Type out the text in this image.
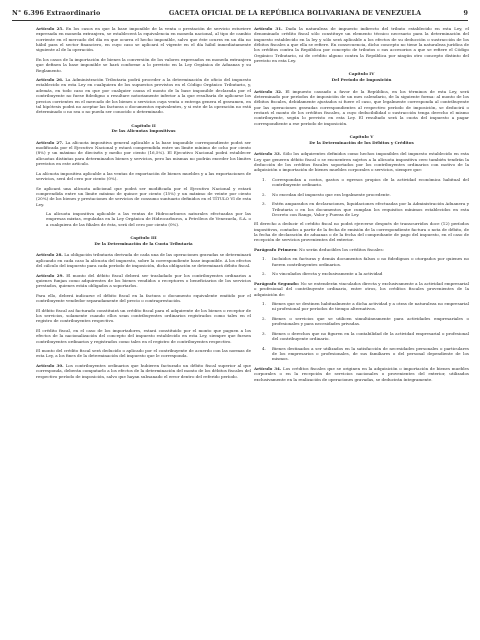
N° 6.396 Extraordinario	GACETA OFICIAL DE LA REPÚBLICA BOLIVARIANA DE VENEZUELA	9

Artículo 25. En los casos en que la base imponible de la venta o prestación de servicio estuviere expresada en moneda extranjera, se establecerá la equivalencia en moneda nacional, al tipo de cambio corriente en el mercado del día en que ocurra el hecho imponible, salvo que éste ocurra en un día no hábil para el sector financiero, en cuyo caso se aplicará el vigente en el día hábil inmediatamente siguiente al de la operación.

En los casos de la importación de bienes la conversión de los valores expresados en moneda extranjera que definen la base imponible se hará conforme a lo previsto en la Ley Orgánica de Aduanas y su Reglamento.

Artículo 26. La Administración Tributaria podrá proceder a la determinación de oficio del impuesto establecido en esta Ley en cualquiera de los supuestos previstos en el Código Orgánico Tributario, y, además, en todo caso en que por cualquier causa el monto de la base imponible declarada por el contribuyente no fuese fidedigno o resultare notoriamente inferior a la que resultaría de aplicarse los precios corrientes en el mercado de los bienes o servicios cuya venta o entrega genera el gravamen, en tal hipótesis podrá no aceptar las facturas o documentos equivalentes, y si este de la operación no está determinado o no sea o no pueda ser conocido o determinado.

Capítulo II
De las Alícuotas Impositivas

Artículo 27. La alícuota impositiva general aplicable a la base imponible correspondiente podrá ser modificada por el Ejecutivo Nacional y estará comprendida entre un límite mínimo de ocho por ciento (8%) y un máximo de dieciséis y medio por ciento (16,5%). El Ejecutivo Nacional podrá establecer alícuotas distintas para determinados bienes y servicios, pero las mismas no podrán exceder los límites previstos en este artículo.

La alícuota impositiva aplicable a las ventas de exportación de bienes muebles y a las exportaciones de servicios, será del cero por ciento (0%).

Se aplicará una alícuota adicional que podrá ser modificada por el Ejecutivo Nacional y estará comprendida entre un límite mínimo de quince por ciento (15%) y un máximo de veinte por ciento (20%) de los bienes y prestaciones de servicios de consumo suntuario definidos en el TÍTULO VI de esta Ley.

La alícuota impositiva aplicable a las ventas de Hidrocarburos naturales efectuadas por las empresas mixtas, reguladas en la Ley Orgánica de Hidrocarburos, a Petróleos de Venezuela, S.A. o a cualquiera de las filiales de ésta, será del cero por ciento (0%).

Capítulo III
De la Determinación de la Cuota Tributaria

Artículo 28. La obligación tributaria derivada de cada una de las operaciones gravadas se determinará aplicando en cada caso la alícuota del impuesto, sobre la correspondiente base imponible. A los efectos del cálculo del impuesto para cada período de imposición, dicha obligación se determinará débito fiscal.

Artículo 29. El monto del débito fiscal deberá ser trasladado por los contribuyentes ordinarios a quienes funjan como adquirentes de los bienes vendidos o receptores o beneficiarios de los servicios prestados, quienes están obligados a soportarlos.

Para ello, deberá indicarse el débito fiscal en la factura o documento equivalente emitido por el contribuyente vendedor separadamente del precio o contraprestación.

El débito fiscal así facturado constituirá un crédito fiscal para el adquirente de los bienes o receptor de los servicios, solamente cuando ellos sean contribuyentes ordinarios registrados como tales en el registro de contribuyentes respectivo.

El crédito fiscal, en el caso de los importadores, estará constituido por el monto que paguen a los efectos de la nacionalización del concepto del impuesto establecido en esta Ley, siempre que fuesen contribuyentes ordinarios y registrados como tales en el registro de contribuyentes respectivo.

El monto del crédito fiscal será deducido o aplicado por el contribuyente de acuerdo con las normas de esta Ley, a los fines de la determinación del impuesto que le corresponda.

Artículo 30. Los contribuyentes ordinarios que hubieren facturado un débito fiscal superior al que corresponda, deberán computarlo a los efectos de la determinación del monto de los débitos fiscales del respectivo período de imposición, salvo que hayan subsanado el error dentro del referido período.

Artículo 31. Dada la naturaleza de impuesto indirecto del tributo establecido en esta Ley, el denominado crédito fiscal sólo constituye un elemento técnico necesario para la determinación del impuesto establecido en la ley y sólo será aplicable a los efectos de su deducción o sustracción de los débitos fiscales a que ella se refiere. En consecuencia, dicho concepto no tiene la naturaleza jurídica de los créditos contra la República por concepto de tributos o sus accesorios a que se refiere el Código Orgánico Tributario, ni de crédito alguno contra la República por ningún otro concepto distinto del previsto en esta Ley.

Capítulo IV
Del Período de Imposición

Artículo 32. El impuesto causado a favor de la República, en los términos de esta Ley, será determinado por períodos de imposición de un mes calendario, de la siguiente forma: al monto de los débitos fiscales, debidamente ajustados si fuere el caso, que legalmente corresponda al contribuyente por las operaciones gravadas correspondientes al respectivo período de imposición, se deducirá o restará el monto de los créditos fiscales, a cuyo deducibilidad o sustracción tenga derecho el mismo contribuyente, según lo previsto en esta Ley. El resultado será la cuota del impuesto a pagar correspondiente a ese período de imposición.

Capítulo V
De la Determinación de los Débitos y Créditos

Artículo 33. Sólo los adquirentes definidos como hechos imponibles del impuesto establecido en esta Ley que generen débito fiscal o se encuentren sujetos a la alícuota impositiva cero también tendrán la deducción de los créditos fiscales soportados por los contribuyentes ordinarios con motivo de la adquisición o importación de bienes muebles corporales o servicios, siempre que:

1.	Correspondan a costos, gastos o egresos propios de la actividad económica habitual del contribuyente ordinario.
2.	No excedan del impuesto que era legalmente procedente.
3.	Estén amparados en declaraciones, liquidaciones efectuadas por la Administración Aduanera y Tributaria o en los documentos que cumplan los requisitos mínimos establecidos en esta Decreto con Rango, Valor y Fuerza de Ley.

El derecho a deducir el crédito fiscal no podrá ejercerse después de transcurridos doce (12) períodos impositivos, contados a partir de la fecha de emisión de la correspondiente factura o nota de débito, de la fecha de declaración de aduanas o de la fecha del comprobante de pago del impuesto, en el caso de recepción de servicios provenientes del exterior.

Parágrafo Primero: No serán deducibles los créditos fiscales:

1.	Incluidos en facturas y demás documentos falsos o no fidedignos o otorgados por quienes no fueren contribuyentes ordinarios.
2.	No vinculados directa y exclusivamente a la actividad

Parágrafo Segundo: No se entenderán vinculados directa y exclusivamente a la actividad empresarial o profesional del contribuyente ordinario, entre otros, los créditos fiscales provenientes de la adquisición de:

1.	Bienes que se destinen habitualmente a dicha actividad y a otras de naturaleza no empresarial ni profesional por períodos de tiempo alternativos.
2.	Bienes o servicios que se utilicen simultáneamente para actividades empresariales o profesionales y para necesidades privadas.
3.	Bienes o derechos que no figuren en la contabilidad de la actividad empresarial o profesional del contribuyente ordinario.
4.	Bienes destinados a ser utilizados en la satisfacción de necesidades personales o particulares de los empresarios o profesionales, de sus familiares o del personal dependiente de los mismos.

Artículo 34. Los créditos fiscales que se originen en la adquisición o importación de bienes muebles corporales o en la recepción de servicios nacionales o provenientes del exterior, utilizados exclusivamente en la realización de operaciones gravadas, se deducirán íntegramente.
